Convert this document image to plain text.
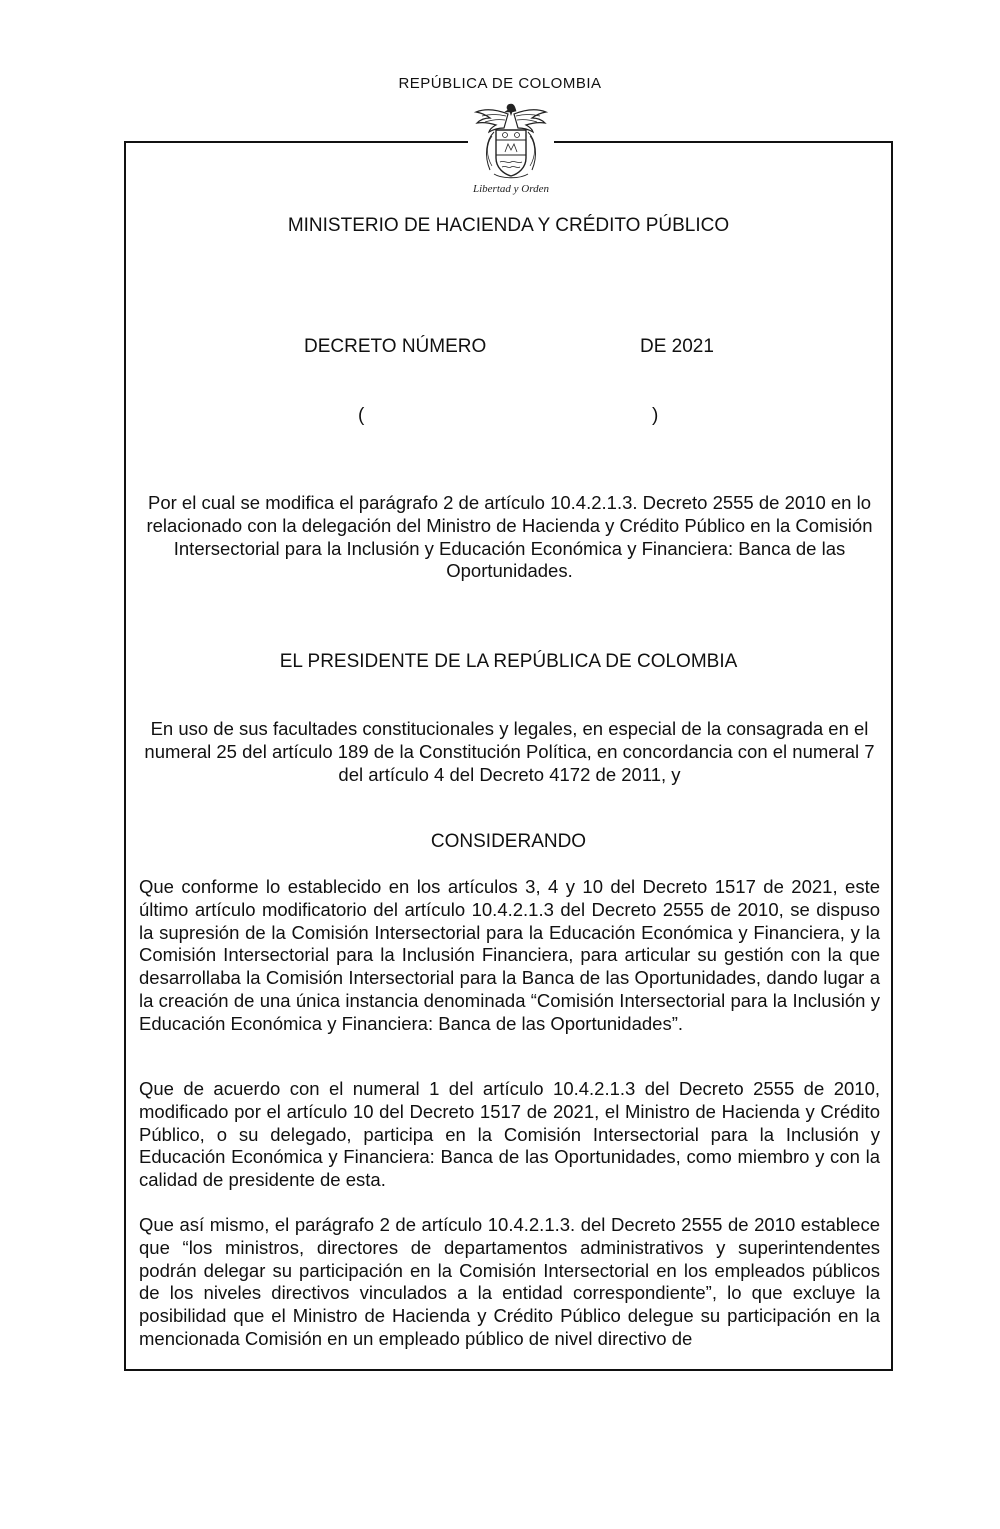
REPÚBLICA DE COLOMBIA
Libertad y Orden
MINISTERIO DE HACIENDA Y CRÉDITO PÚBLICO
DECRETO NÚMERO	DE 2021
(	)
Por el cual se modifica el parágrafo 2 de artículo 10.4.2.1.3. Decreto 2555 de 2010 en lo relacionado con la delegación del Ministro de Hacienda y Crédito Público en la Comisión Intersectorial para la Inclusión y Educación Económica y Financiera: Banca de las Oportunidades.
EL PRESIDENTE DE LA REPÚBLICA DE COLOMBIA
En uso de sus facultades constitucionales y legales, en especial de la consagrada en el numeral 25 del artículo 189 de la Constitución Política, en concordancia con el numeral 7 del artículo 4 del Decreto 4172 de 2011, y
CONSIDERANDO
Que conforme lo establecido en los artículos 3, 4 y 10 del Decreto 1517 de 2021, este último artículo modificatorio del artículo 10.4.2.1.3 del Decreto 2555 de 2010, se dispuso la supresión de la Comisión Intersectorial para la Educación Económica y Financiera, y la Comisión Intersectorial para la Inclusión Financiera, para articular su gestión con la que desarrollaba la Comisión Intersectorial para la Banca de las Oportunidades, dando lugar a la creación de una única instancia denominada “Comisión Intersectorial para la Inclusión y Educación Económica y Financiera: Banca de las Oportunidades”.
Que de acuerdo con el numeral 1 del artículo 10.4.2.1.3 del Decreto 2555 de 2010, modificado por el artículo 10 del Decreto 1517 de 2021, el Ministro de Hacienda y Crédito Público, o su delegado, participa en la Comisión Intersectorial para la Inclusión y Educación Económica y Financiera: Banca de las Oportunidades, como miembro y con la calidad de presidente de esta.
Que así mismo, el parágrafo 2 de artículo 10.4.2.1.3. del Decreto 2555 de 2010 establece que “los ministros, directores de departamentos administrativos y superintendentes podrán delegar su participación en la Comisión Intersectorial en los empleados públicos de los niveles directivos vinculados a la entidad correspondiente”, lo que excluye la posibilidad que el Ministro de Hacienda y Crédito Público delegue su participación en la mencionada Comisión en un empleado público de nivel directivo de
